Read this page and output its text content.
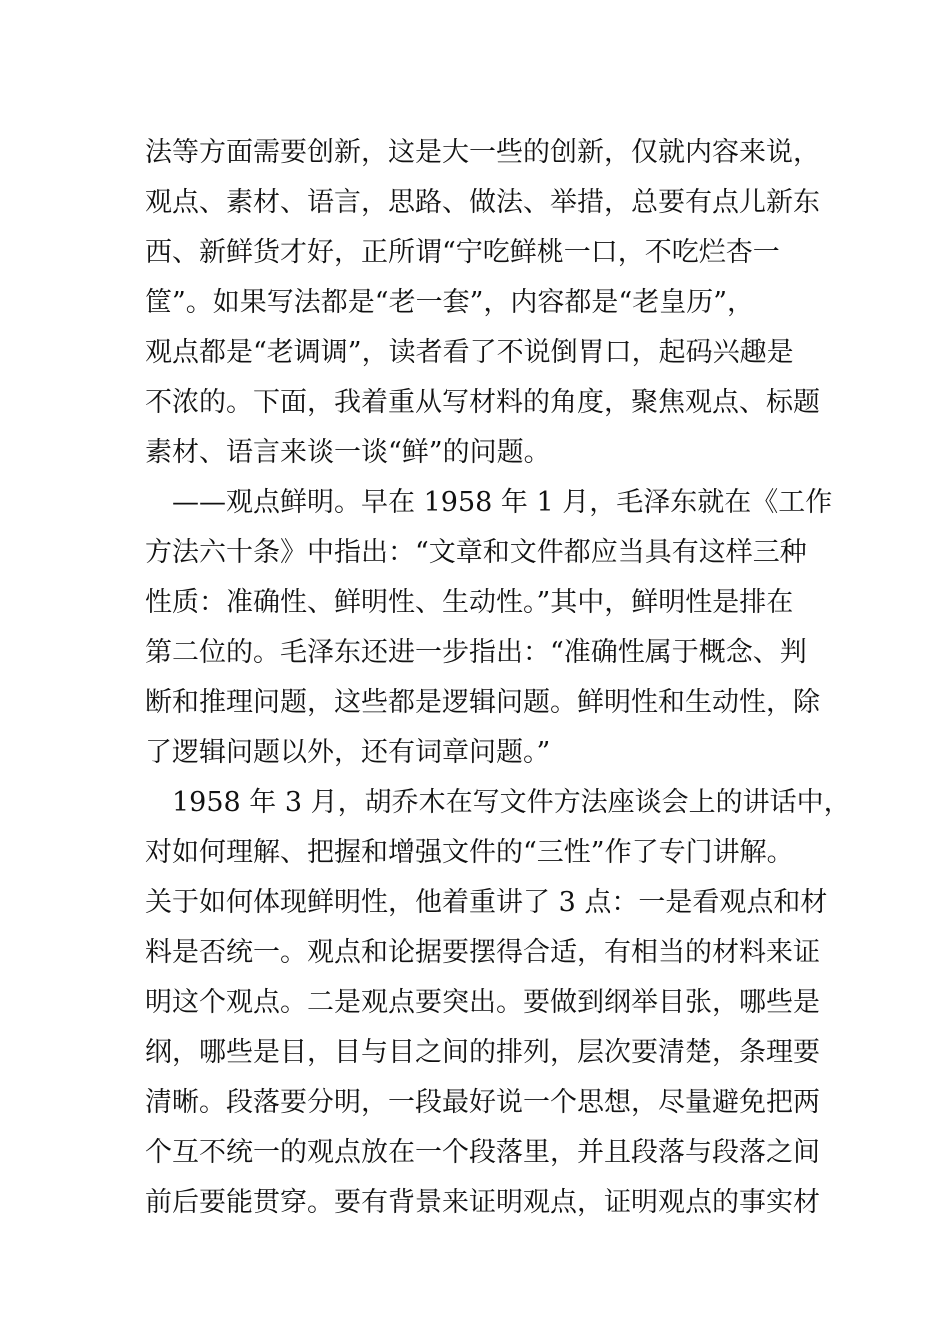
法等方面需要创新，这是大一些的创新，仅就内容来说，
观点、素材、语言，思路、做法、举措，总要有点儿新东
西、新鲜货才好，正所谓“宁吃鲜桃一口，不吃烂杏一
筐”。如果写法都是“老一套”，内容都是“老皇历”，
观点都是“老调调”，读者看了不说倒胃口，起码兴趣是
不浓的。下面，我着重从写材料的角度，聚焦观点、标题
素材、语言来谈一谈“鲜”的问题。
　——观点鲜明。早在 1958 年 1 月，毛泽东就在《工作
方法六十条》中指出：“文章和文件都应当具有这样三种
性质：准确性、鲜明性、生动性。”其中，鲜明性是排在
第二位的。毛泽东还进一步指出：“准确性属于概念、判
断和推理问题，这些都是逻辑问题。鲜明性和生动性，除
了逻辑问题以外，还有词章问题。”
　1958 年 3 月，胡乔木在写文件方法座谈会上的讲话中，
对如何理解、把握和增强文件的“三性”作了专门讲解。
关于如何体现鲜明性，他着重讲了 3 点：一是看观点和材
料是否统一。观点和论据要摆得合适，有相当的材料来证
明这个观点。二是观点要突出。要做到纲举目张，哪些是
纲，哪些是目，目与目之间的排列，层次要清楚，条理要
清晰。段落要分明，一段最好说一个思想，尽量避免把两
个互不统一的观点放在一个段落里，并且段落与段落之间
前后要能贯穿。要有背景来证明观点，证明观点的事实材
